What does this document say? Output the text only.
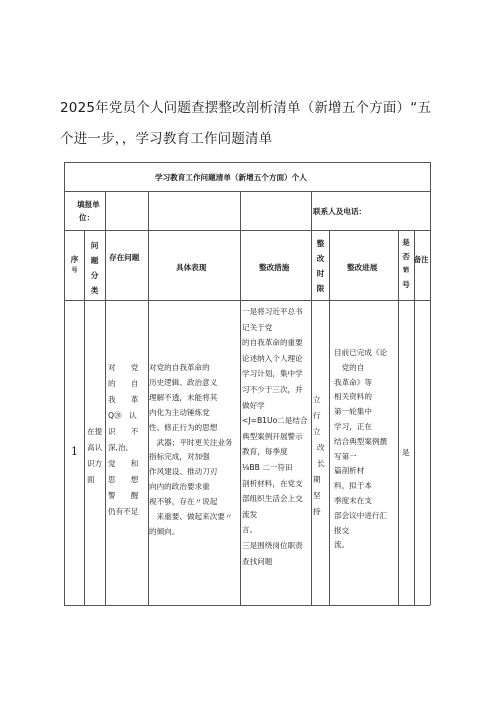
2025年党员个人问题查摆整改剖析清单（新增五个方面）“五
个进一步，，学习教育工作问题清单
学习教育工作问题清单（新增五个方面）个人
填报单
位：
联系人及电话：
序
号
问
题
分
类
存在问题
具体表现	整改措施
整
改
时
限
整改进展
是
否
销
号
备注
1
在提
高认
识方
面
对　　党
的　　自
我　　革
Q⑳　认
识　　不
深,治,
觉　　和
思　　想
警　　醒
仍有不足
对党的自我革命的
历史逻辑、政治意义
理解不透，未能将其
内化为主动锤炼党
性、修正行为的思想
　武器；平时更关注业务
指标完成，对加强
作风建设、推动刀刃
向内的政治要求重
视不够，存在〃说起
　来重要、做起来次要〃
的倾向。
一是将习近平总书
记关于党
的自我革命的重要
论述纳入个人理论
学习计划，集中学
习不少于三次，并
做好学
<J=B1Uo二是结合
典型案例开展警示
教育，每季度
⅛BB 二一符田
剖析材料，在党支
部组织生活会上交
流发
言。
三是围绕岗位职责
查找问题
立
行
立
改
长
期
坚
持
目前已完成《论
　党的自
我革命》等
相关资料的
第一轮集中
学习，正在
结合典型案例撰
写第一
篇剖析材
料，拟于本
季度末在支
部会议中进行汇
报交
流。
是
